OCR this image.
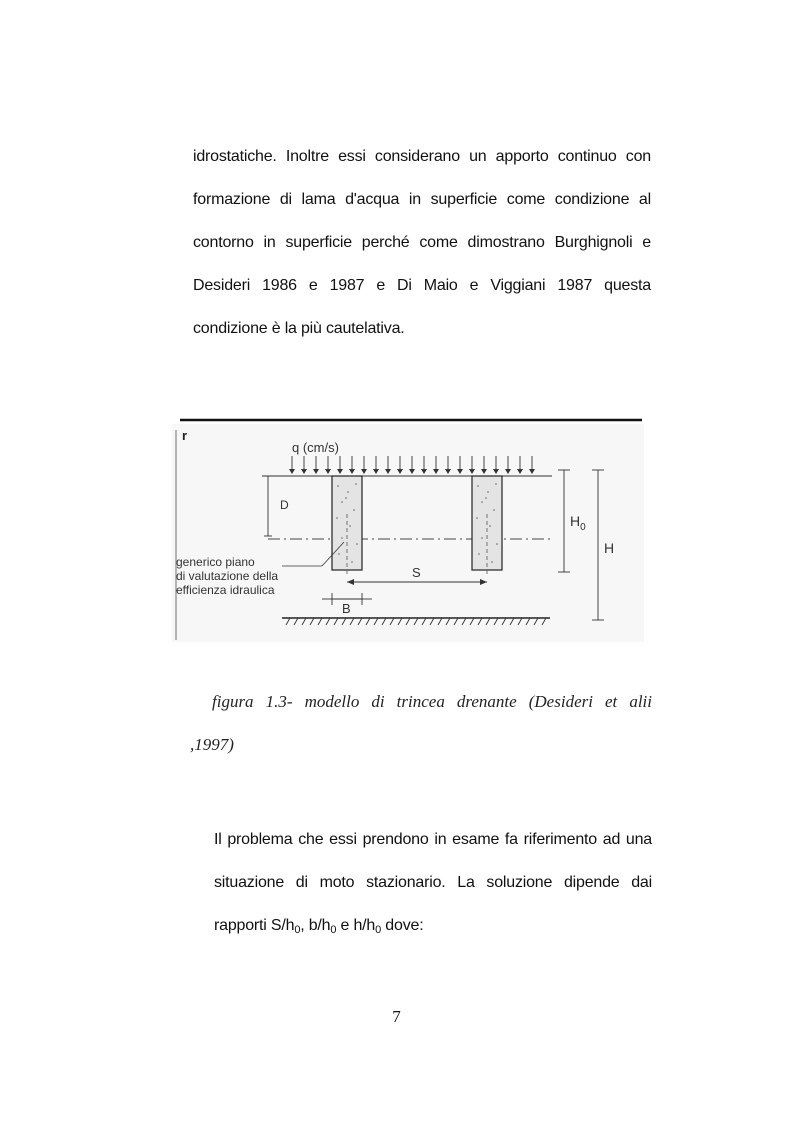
idrostatiche. Inoltre essi considerano un apporto continuo con formazione di lama d'acqua in superficie come condizione al contorno in superficie perché come dimostrano Burghignoli e Desideri 1986 e 1987 e Di Maio e Viggiani 1987 questa condizione è la più cautelativa.
r
q (cm/s)
D
S
B
generico piano
di valutazione della
efficienza idraulica
$H_0$
H
figura 1.3- modello di trincea drenante (Desideri et alii
,1997)
Il problema che essi prendono in esame fa riferimento ad una situazione di moto stazionario. La soluzione dipende dai rapporti $S/h_0$, $b/h_0$ e $h/h_0$ dove:
7
